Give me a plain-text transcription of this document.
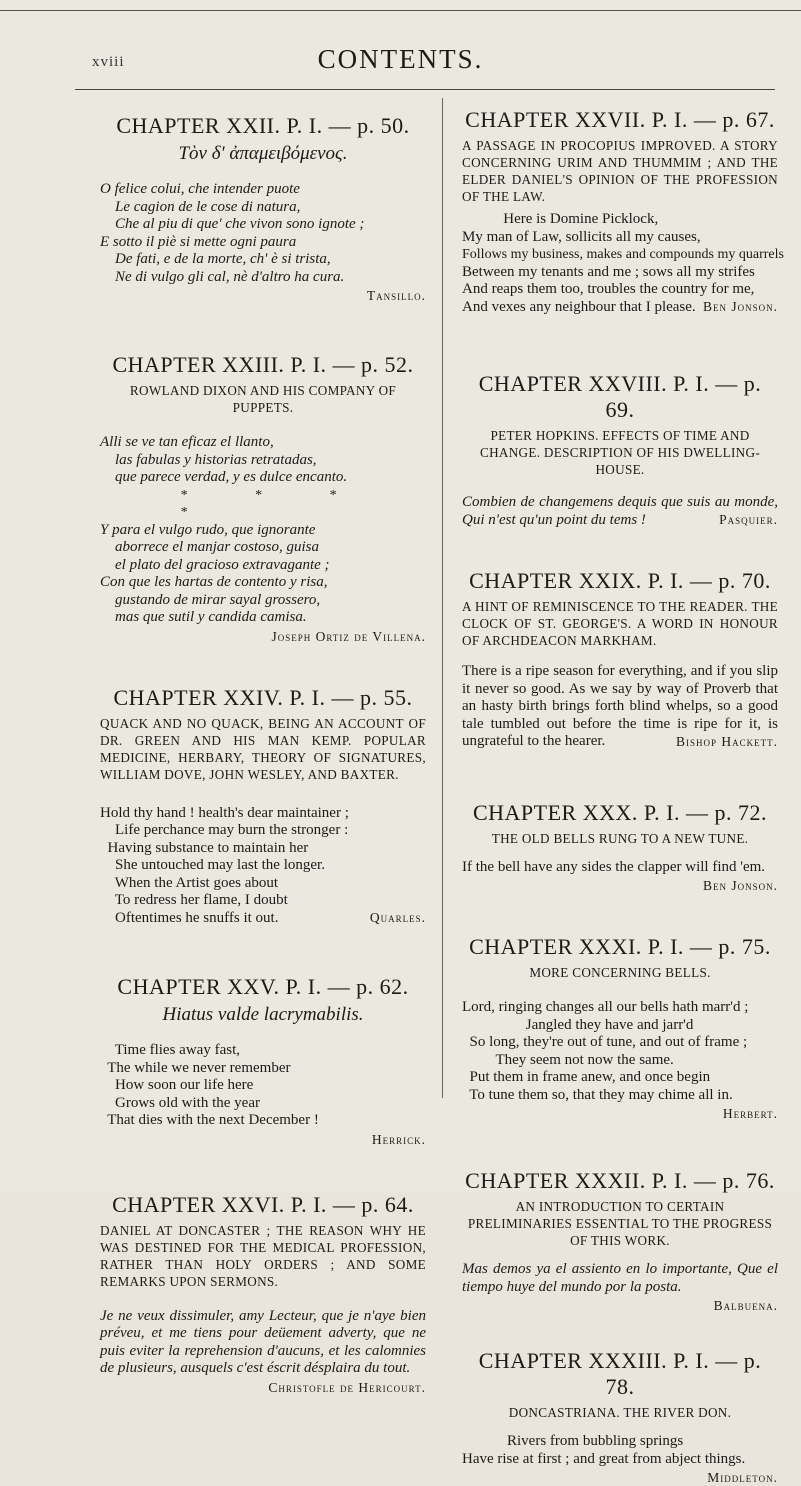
xviii	CONTENTS.
CHAPTER XXII. P. I. — p. 50.
Τὸν δ' ἀπαμειβόμενος.
O felice colui, che intender puote
Le cagion de le cose di natura,
Che al piu di que' che vivon sono ignote ;
E sotto il piè si mette ogni paura
De fati, e de la morte, ch' è si trista,
Ne di vulgo gli cal, nè d'altro ha cura.
Tansillo.
CHAPTER XXIII. P. I. — p. 52.
ROWLAND DIXON AND HIS COMPANY OF PUPPETS.
Alli se ve tan eficaz el llanto,
las fabulas y historias retratadas,
que parece verdad, y es dulce encanto.
* * * *
Y para el vulgo rudo, que ignorante
aborrece el manjar costoso, guisa
el plato del gracioso extravagante ;
Con que les hartas de contento y risa,
gustando de mirar sayal grossero,
mas que sutil y candida camisa.
Joseph Ortiz de Villena.
CHAPTER XXIV. P. I. — p. 55.
QUACK AND NO QUACK, BEING AN ACCOUNT OF DR. GREEN AND HIS MAN KEMP. POPULAR MEDICINE, HERBARY, THEORY OF SIGNATURES, WILLIAM DOVE, JOHN WESLEY, AND BAXTER.
Hold thy hand ! health's dear maintainer ;
Life perchance may burn the stronger :
Having substance to maintain her
She untouched may last the longer.
When the Artist goes about
To redress her flame, I doubt
Oftentimes he snuffs it out.	Quarles.
CHAPTER XXV. P. I. — p. 62.
Hiatus valde lacrymabilis.
Time flies away fast,
The while we never remember
How soon our life here
Grows old with the year
That dies with the next December !
Herrick.
CHAPTER XXVI. P. I. — p. 64.
DANIEL AT DONCASTER ; THE REASON WHY HE WAS DESTINED FOR THE MEDICAL PROFESSION, RATHER THAN HOLY ORDERS ; AND SOME REMARKS UPON SERMONS.
Je ne veux dissimuler, amy Lecteur, que je n'aye bien préveu, et me tiens pour deüement adverty, que ne puis eviter la reprehension d'aucuns, et les calomnies de plusieurs, ausquels c'est éscrit désplaira du tout.
Christofle de Hericourt.
CHAPTER XXVII. P. I. — p. 67.
A PASSAGE IN PROCOPIUS IMPROVED. A STORY CONCERNING URIM AND THUMMIM ; AND THE ELDER DANIEL'S OPINION OF THE PROFESSION OF THE LAW.
Here is Domine Picklock,
My man of Law, sollicits all my causes,
Follows my business, makes and compounds my quarrels
Between my tenants and me ; sows all my strifes
And reaps them too, troubles the country for me,
And vexes any neighbour that I please. Ben Jonson.
CHAPTER XXVIII. P. I. — p. 69.
PETER HOPKINS. EFFECTS OF TIME AND CHANGE. DESCRIPTION OF HIS DWELLING-HOUSE.
Combien de changemens dequis que suis au monde, Qui n'est qu'un point du tems !	Pasquier.
CHAPTER XXIX. P. I. — p. 70.
A HINT OF REMINISCENCE TO THE READER. THE CLOCK OF ST. GEORGE'S. A WORD IN HONOUR OF ARCHDEACON MARKHAM.
There is a ripe season for everything, and if you slip it never so good. As we say by way of Proverb that an hasty birth brings forth blind whelps, so a good tale tumbled out before the time is ripe for it, is ungrateful to the hearer.	Bishop Hackett.
CHAPTER XXX. P. I. — p. 72.
THE OLD BELLS RUNG TO A NEW TUNE.
If the bell have any sides the clapper will find 'em.
Ben Jonson.
CHAPTER XXXI. P. I. — p. 75.
MORE CONCERNING BELLS.
Lord, ringing changes all our bells hath marr'd ;
Jangled they have and jarr'd
So long, they're out of tune, and out of frame ;
They seem not now the same.
Put them in frame anew, and once begin
To tune them so, that they may chime all in.
Herbert.
CHAPTER XXXII. P. I. — p. 76.
AN INTRODUCTION TO CERTAIN PRELIMINARIES ESSENTIAL TO THE PROGRESS OF THIS WORK.
Mas demos ya el assiento en lo importante, Que el tiempo huye del mundo por la posta.
Balbuena.
CHAPTER XXXIII. P. I. — p. 78.
DONCASTRIANA. THE RIVER DON.
Rivers from bubbling springs
Have rise at first ; and great from abject things.
Middleton.
